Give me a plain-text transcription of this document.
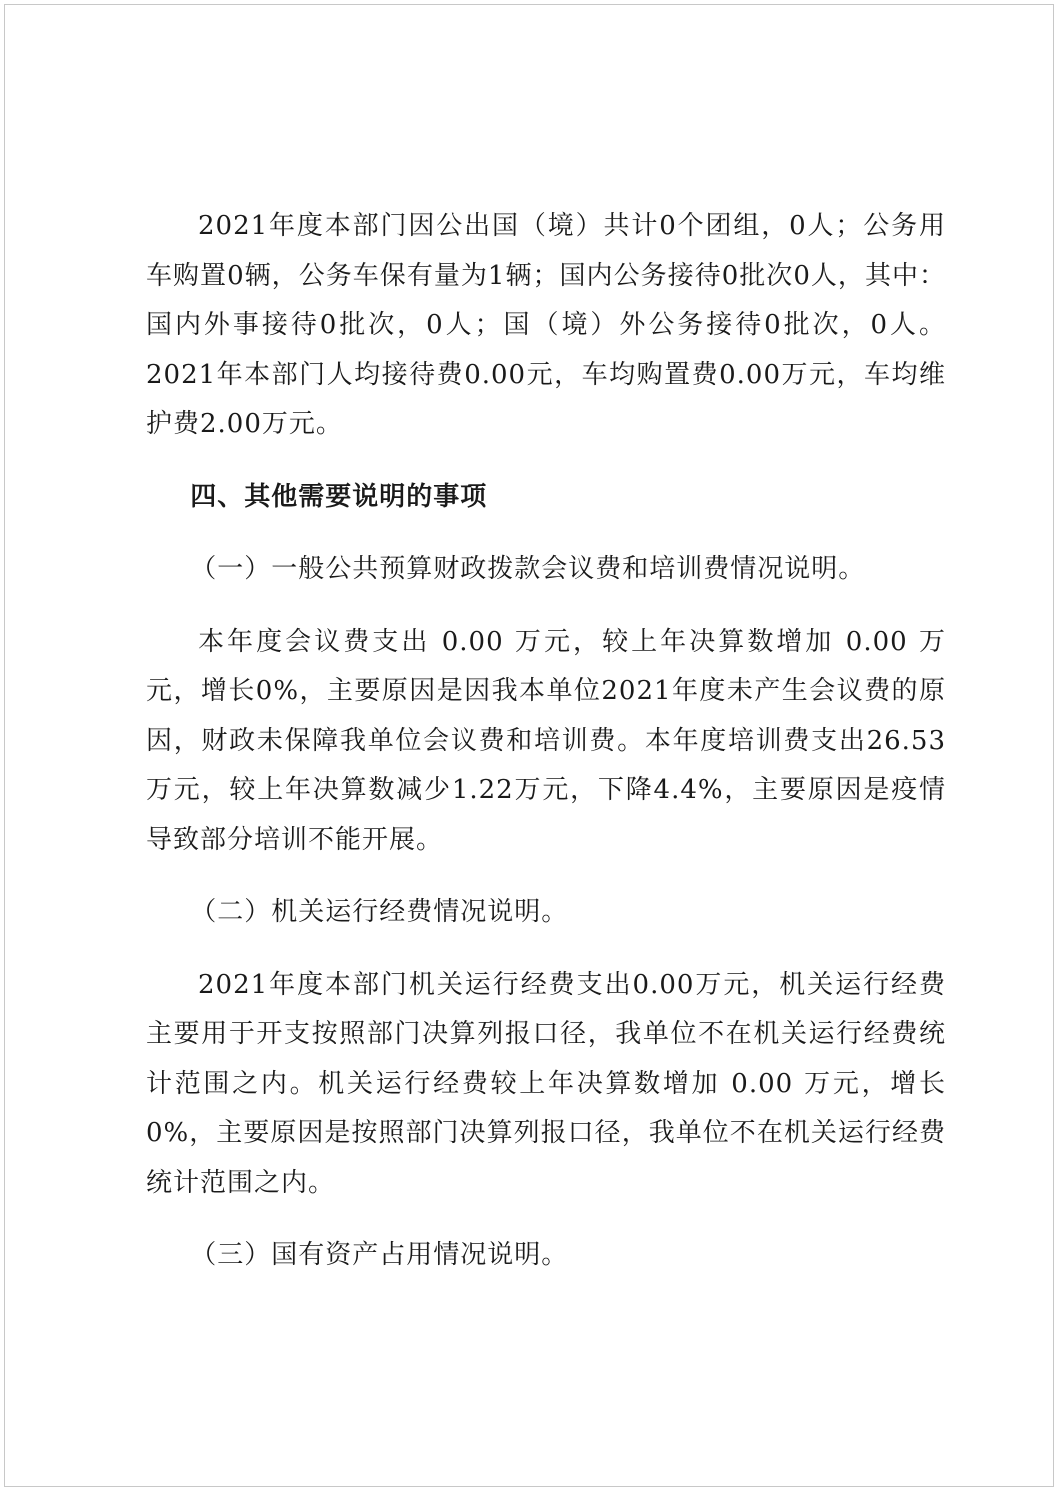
2021年度本部门因公出国（境）共计0个团组，0人；公务用车购置0辆，公务车保有量为1辆；国内公务接待0批次0人，其中：国内外事接待0批次，0人；国（境）外公务接待0批次，0人。2021年本部门人均接待费0.00元，车均购置费0.00万元，车均维护费2.00万元。

四、其他需要说明的事项

（一）一般公共预算财政拨款会议费和培训费情况说明。

本年度会议费支出 0.00 万元，较上年决算数增加 0.00 万元，增长0%，主要原因是因我本单位2021年度未产生会议费的原因，财政未保障我单位会议费和培训费。本年度培训费支出26.53万元，较上年决算数减少1.22万元，下降4.4%，主要原因是疫情导致部分培训不能开展。

（二）机关运行经费情况说明。

2021年度本部门机关运行经费支出0.00万元，机关运行经费主要用于开支按照部门决算列报口径，我单位不在机关运行经费统计范围之内。机关运行经费较上年决算数增加 0.00 万元，增长0%，主要原因是按照部门决算列报口径，我单位不在机关运行经费统计范围之内。

（三）国有资产占用情况说明。
